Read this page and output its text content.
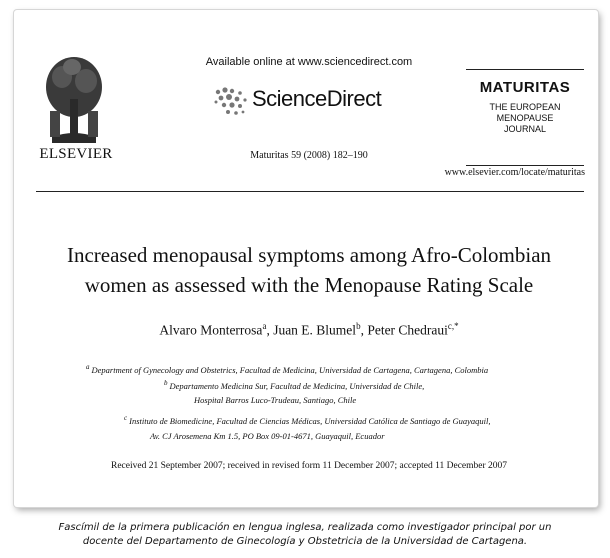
ELSEVIER
Available online at www.sciencedirect.com
ScienceDirect
Maturitas 59 (2008) 182–190
MATURITAS
THE EUROPEAN MENOPAUSE JOURNAL
www.elsevier.com/locate/maturitas
Increased menopausal symptoms among Afro-Colombian
women as assessed with the Menopause Rating Scale
Alvaro Monterrosa$^a$, Juan E. Blumel$^b$, Peter Chedraui$^{c,*}$
$^a$ Department of Gynecology and Obstetrics, Facultad de Medicina, Universidad de Cartagena, Cartagena, Colombia
$^b$ Departamento Medicina Sur, Facultad de Medicina, Universidad de Chile,
Hospital Barros Luco-Trudeau, Santiago, Chile
$^c$ Instituto de Biomedicine, Facultad de Ciencias Médicas, Universidad Católica de Santiago de Guayaquil,
Av. CJ Arosemena Km 1.5, PO Box 09-01-4671, Guayaquil, Ecuador
Received 21 September 2007; received in revised form 11 December 2007; accepted 11 December 2007
Fascímil de la primera publicación en lengua inglesa, realizada como investigador principal por un
docente del Departamento de Ginecología y Obstetricia de la Universidad de Cartagena.
